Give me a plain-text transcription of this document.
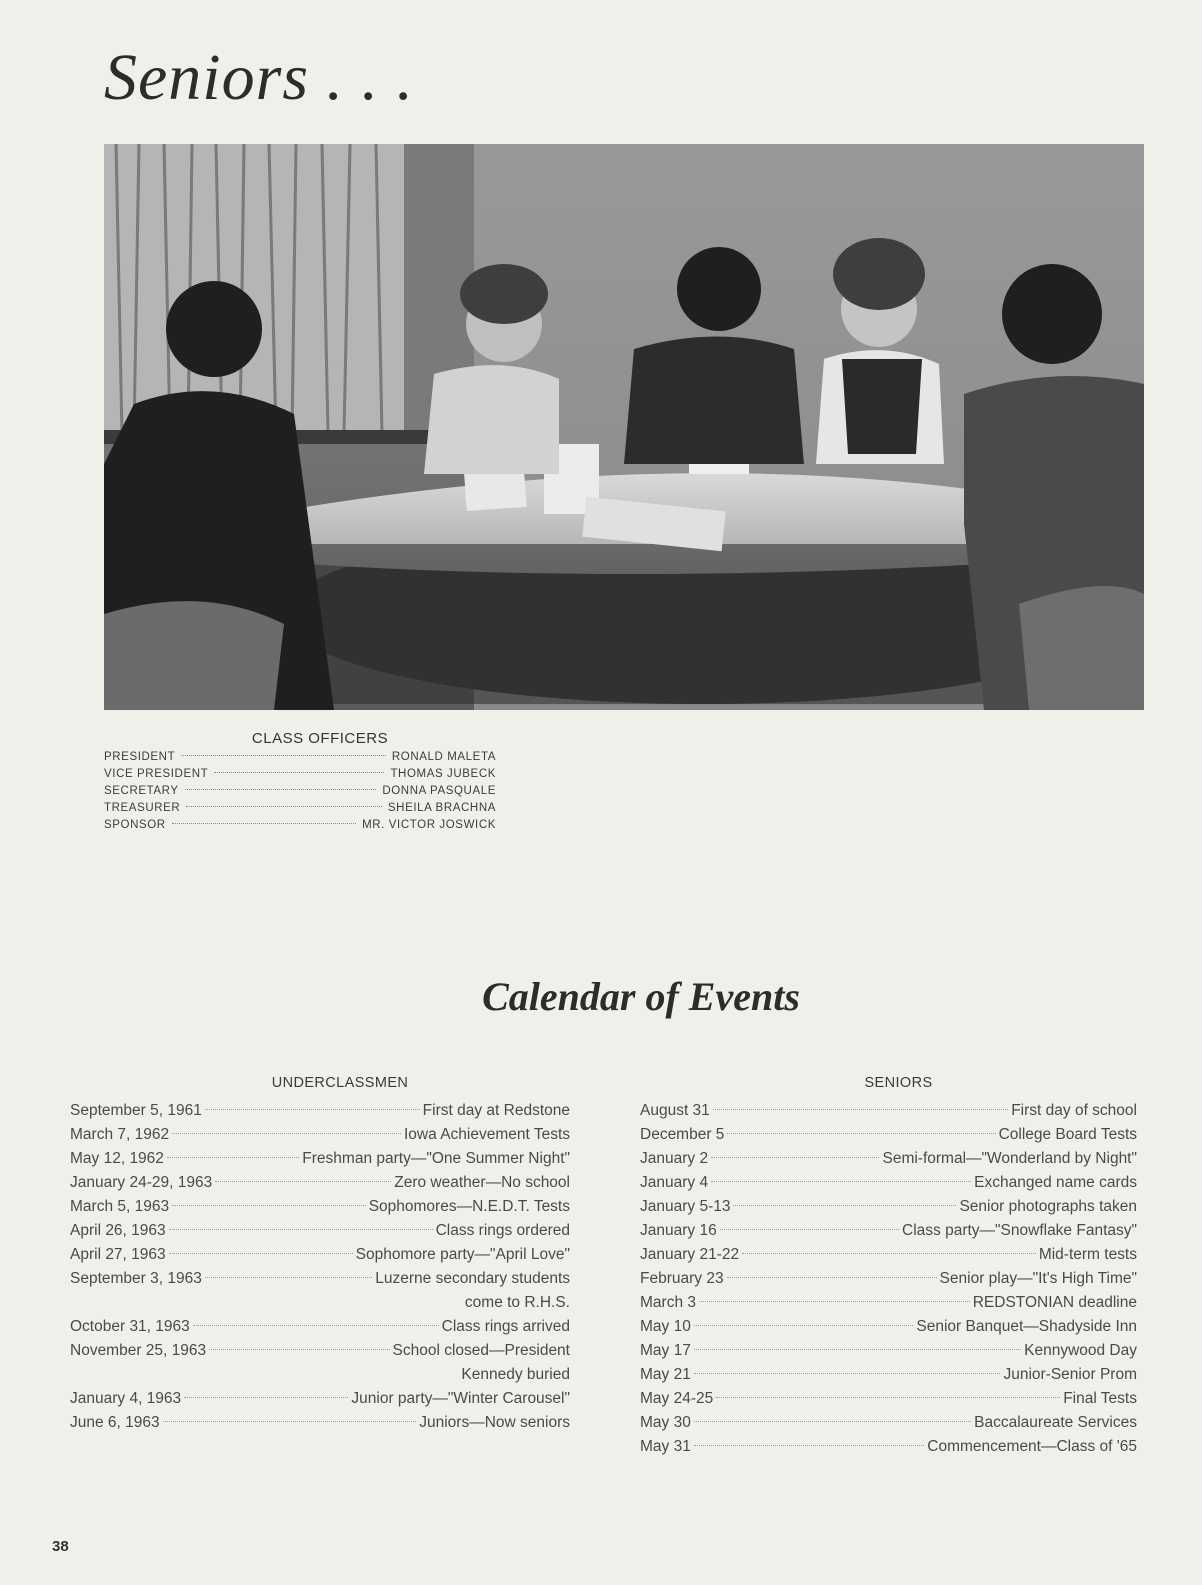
Seniors . . .
CLASS OFFICERS
PRESIDENT	RONALD MALETA
VICE PRESIDENT	THOMAS JUBECK
SECRETARY	DONNA PASQUALE
TREASURER	SHEILA BRACHNA
SPONSOR	MR. VICTOR JOSWICK
Calendar of Events
UNDERCLASSMEN
September 5, 1961	First day at Redstone
March 7, 1962	Iowa Achievement Tests
May 12, 1962	Freshman party—"One Summer Night"
January 24-29, 1963	Zero weather—No school
March 5, 1963	Sophomores—N.E.D.T. Tests
April 26, 1963	Class rings ordered
April 27, 1963	Sophomore party—"April Love"
September 3, 1963	Luzerne secondary students
come to R.H.S.
October 31, 1963	Class rings arrived
November 25, 1963	School closed—President
Kennedy buried
January 4, 1963	Junior party—"Winter Carousel"
June 6, 1963	Juniors—Now seniors
SENIORS
August 31	First day of school
December 5	College Board Tests
January 2	Semi-formal—"Wonderland by Night"
January 4	Exchanged name cards
January 5-13	Senior photographs taken
January 16	Class party—"Snowflake Fantasy"
January 21-22	Mid-term tests
February 23	Senior play—"It's High Time"
March 3	REDSTONIAN deadline
May 10	Senior Banquet—Shadyside Inn
May 17	Kennywood Day
May 21	Junior-Senior Prom
May 24-25	Final Tests
May 30	Baccalaureate Services
May 31	Commencement—Class of '65
38
